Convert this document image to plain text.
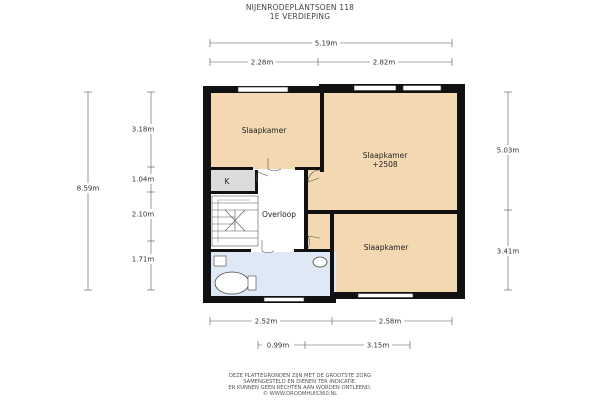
NIJENRODEPLANTSOEN 118
1E VERDIEPING
5.19m
2.28m	2.82m
8.59m
3.18m
1.04m
2.10m
1.71m
5.03m
3.41m
2.52m	2.58m
0.99m	3.15m
Slaapkamer
Slaapkamer
+2508
Slaapkamer
K
Overloop
DEZE PLATTEGRONDEN ZIJN MET DE GROOTSTE ZORG
SAMENGESTELD EN DIENEN TER INDICATIE.
ER KUNNEN GEEN RECHTEN AAN WORDEN ONTLEEND.
© WWW.DROOMHUIS360.NL
